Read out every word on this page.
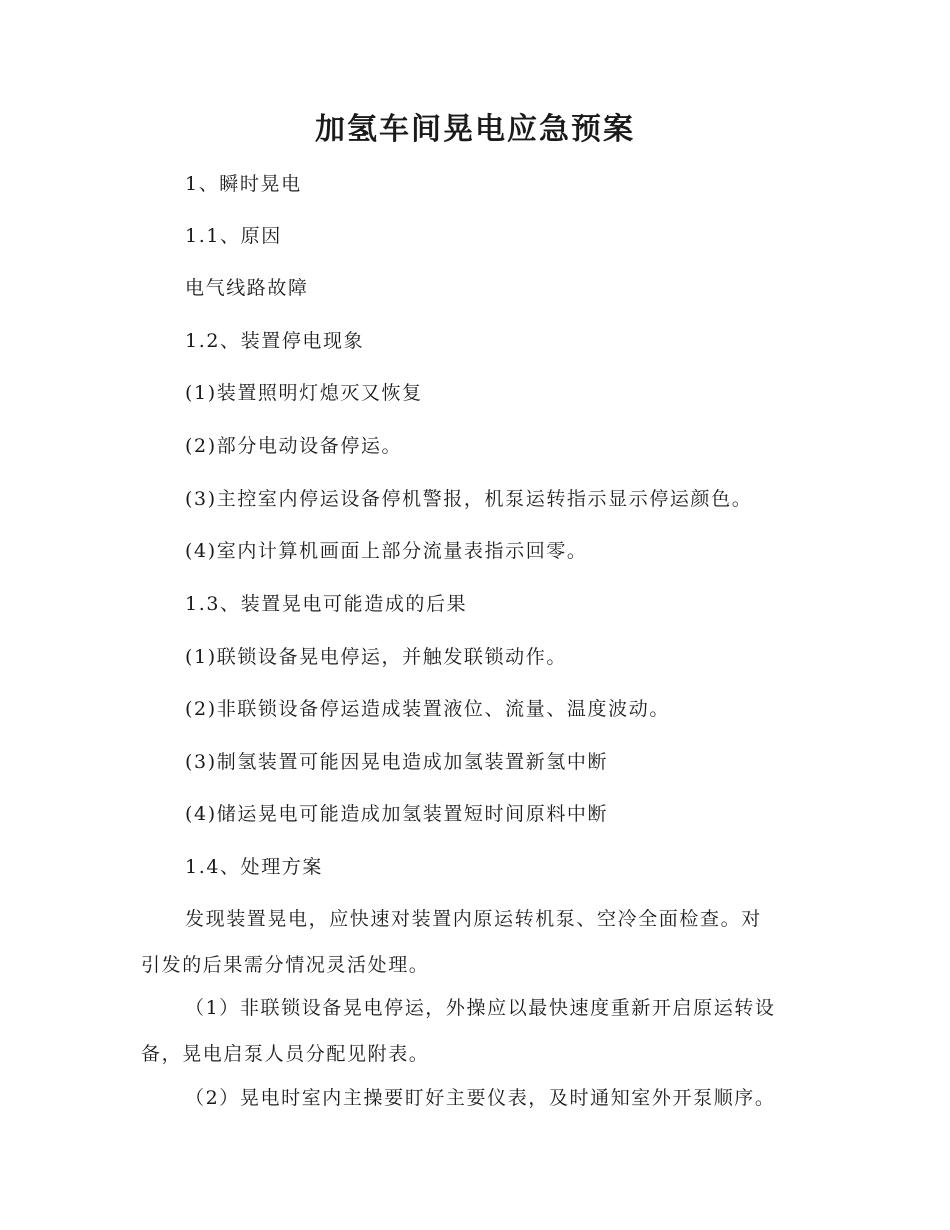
加氢车间晃电应急预案

1、瞬时晃电

1.1、原因

电气线路故障

1.2、装置停电现象

(1)装置照明灯熄灭又恢复

(2)部分电动设备停运。

(3)主控室内停运设备停机警报，机泵运转指示显示停运颜色。

(4)室内计算机画面上部分流量表指示回零。

1.3、装置晃电可能造成的后果

(1)联锁设备晃电停运，并触发联锁动作。

(2)非联锁设备停运造成装置液位、流量、温度波动。

(3)制氢装置可能因晃电造成加氢装置新氢中断

(4)储运晃电可能造成加氢装置短时间原料中断

1.4、处理方案

发现装置晃电，应快速对装置内原运转机泵、空冷全面检查。对
引发的后果需分情况灵活处理。
（1）非联锁设备晃电停运，外操应以最快速度重新开启原运转设
备，晃电启泵人员分配见附表。

（2）晃电时室内主操要盯好主要仪表，及时通知室外开泵顺序。
